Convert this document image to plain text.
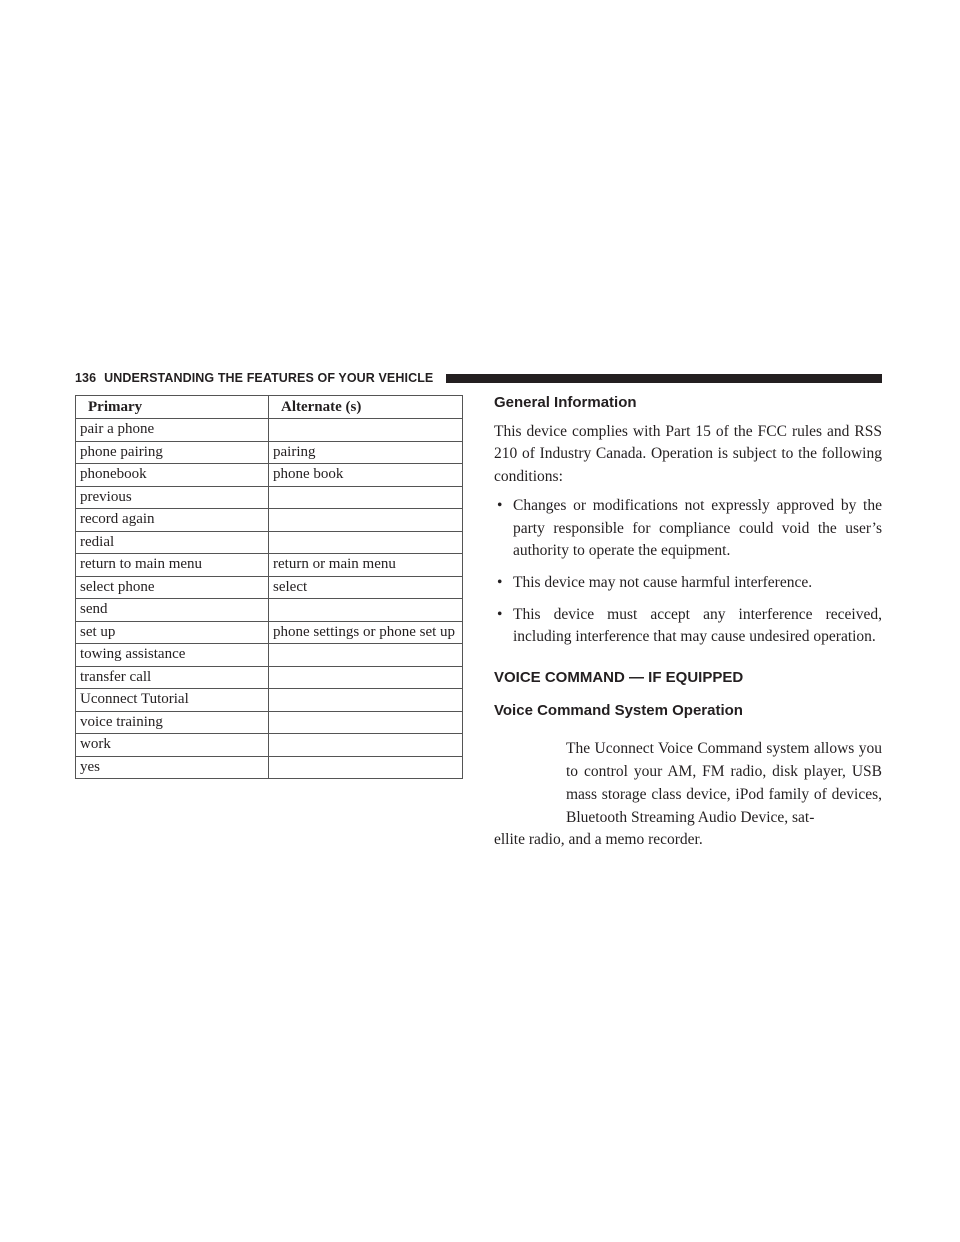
136 UNDERSTANDING THE FEATURES OF YOUR VEHICLE
Primary	Alternate (s)
pair a phone	
phone pairing	pairing
phonebook	phone book
previous	
record again	
redial	
return to main menu	return or main menu
select phone	select
send	
set up	phone settings or phone set up
towing assistance	
transfer call	
Uconnect Tutorial	
voice training	
work	
yes	
General Information

This device complies with Part 15 of the FCC rules and RSS 210 of Industry Canada. Operation is subject to the following conditions:

• Changes or modifications not expressly approved by the party responsible for compliance could void the user’s authority to operate the equipment.
• This device may not cause harmful interference.
• This device must accept any interference received, including interference that may cause undesired operation.
VOICE COMMAND — IF EQUIPPED
Voice Command System Operation

The Uconnect Voice Command system allows you to control your AM, FM radio, disk player, USB mass storage class device, iPod family of devices, Bluetooth Streaming Audio Device, sat-

ellite radio, and a memo recorder.
